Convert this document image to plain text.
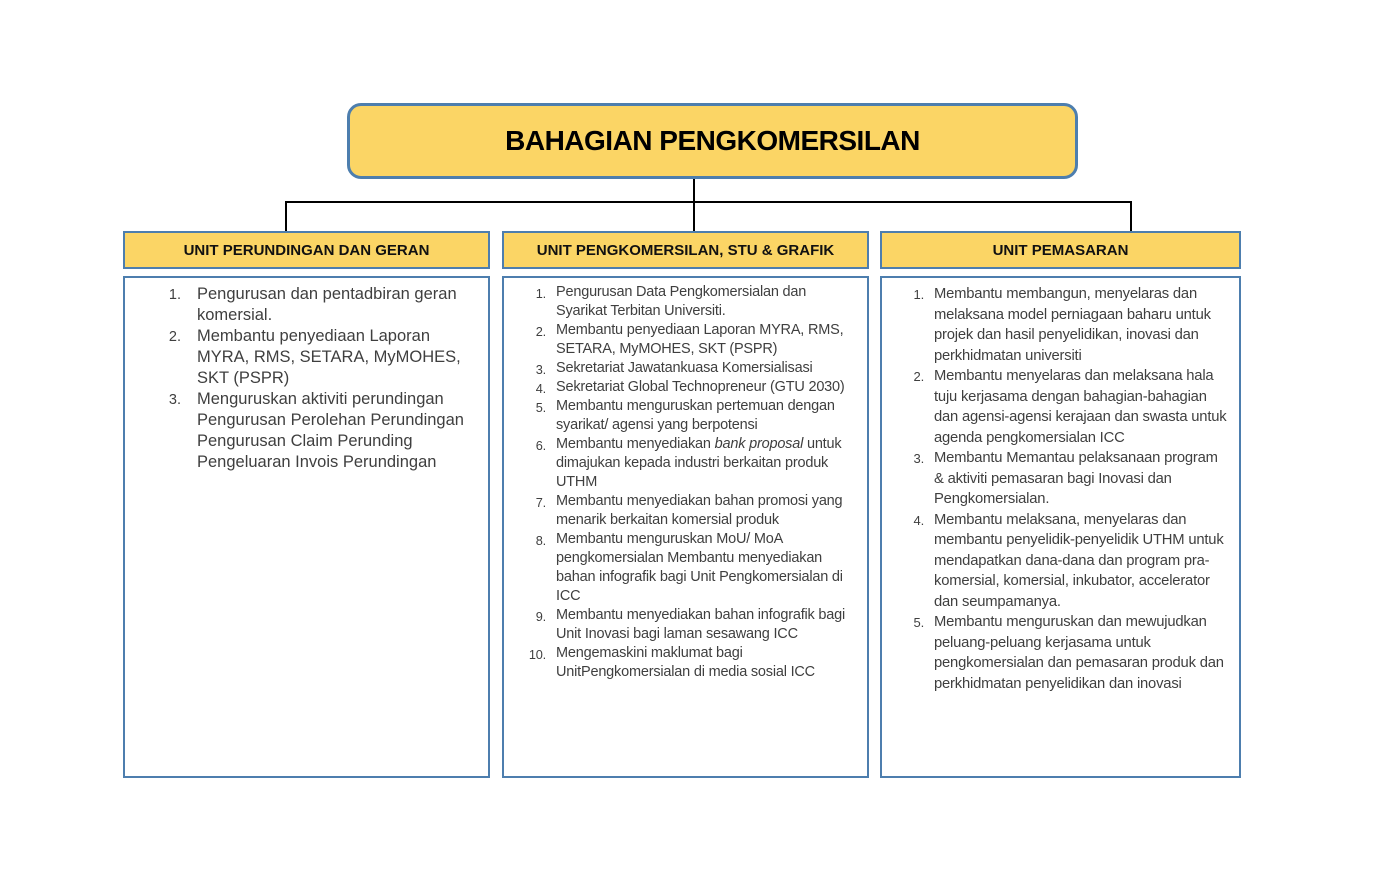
BAHAGIAN PENGKOMERSILAN
UNIT PERUNDINGAN DAN GERAN
Pengurusan dan pentadbiran geran komersial.
Membantu penyediaan Laporan MYRA, RMS, SETARA, MyMOHES, SKT (PSPR)
Menguruskan aktiviti perundingan Pengurusan Perolehan Perundingan Pengurusan Claim Perunding Pengeluaran Invois Perundingan
UNIT PENGKOMERSILAN, STU & GRAFIK
Pengurusan Data Pengkomersialan dan Syarikat Terbitan Universiti.
Membantu penyediaan Laporan MYRA, RMS, SETARA, MyMOHES, SKT (PSPR)
Sekretariat Jawatankuasa Komersialisasi
Sekretariat Global Technopreneur (GTU 2030)
Membantu menguruskan pertemuan dengan syarikat/ agensi yang berpotensi
Membantu menyediakan bank proposal untuk dimajukan kepada industri berkaitan produk UTHM
Membantu menyediakan bahan promosi yang menarik berkaitan komersial produk
Membantu menguruskan MoU/ MoA pengkomersialan Membantu menyediakan bahan infografik bagi Unit Pengkomersialan di ICC
Membantu menyediakan bahan infografik bagi Unit Inovasi bagi laman sesawang ICC
Mengemaskini maklumat bagi UnitPengkomersialan di media sosial ICC
UNIT PEMASARAN
Membantu membangun, menyelaras dan melaksana model perniagaan baharu untuk projek dan hasil penyelidikan, inovasi dan perkhidmatan universiti
Membantu menyelaras dan melaksana hala tuju kerjasama dengan bahagian-bahagian dan agensi-agensi kerajaan dan swasta untuk agenda pengkomersialan ICC
Membantu Memantau pelaksanaan program & aktiviti pemasaran bagi Inovasi dan Pengkomersialan.
Membantu melaksana, menyelaras dan membantu penyelidik-penyelidik UTHM untuk mendapatkan dana-dana dan program pra-komersial, komersial, inkubator, accelerator dan seumpamanya.
Membantu menguruskan dan mewujudkan peluang-peluang kerjasama untuk pengkomersialan dan pemasaran produk dan perkhidmatan penyelidikan dan inovasi
